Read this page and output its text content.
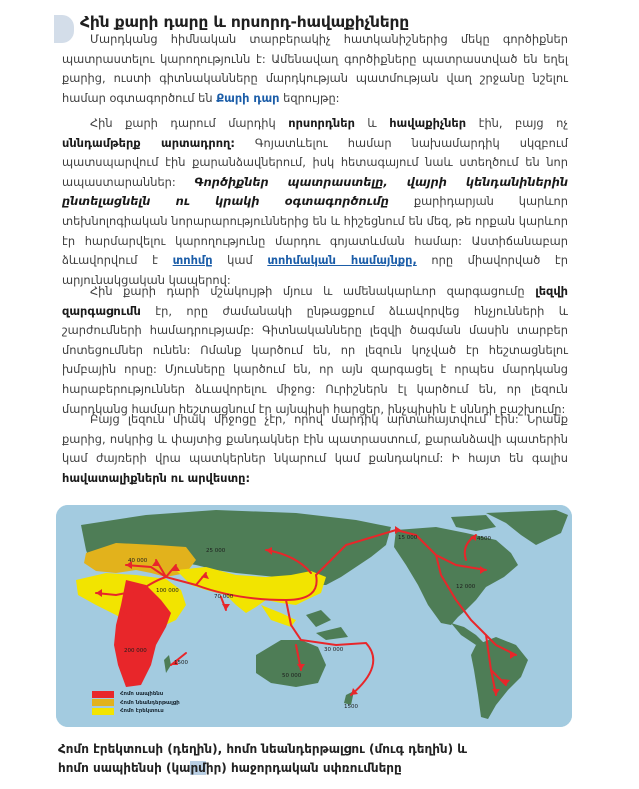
Հին քարի դարը և որսորդ-հավաքիչները

Մարդկանց հիմնական տարբերակիչ հատկանիշներից մեկը գործիքներ պատրաստելու կարողությունն է: Ամենավաղ գործիքները պատրաստված են եղել քարից, ուստի գիտնականները մարդկության պատմության վաղ շրջանը նշելու համար օգտագործում են Քարի դար եզրույթը:

Հին քարի դարում մարդիկ որսորդներ և հավաքիչներ էին, բայց ոչ սննդամթերք արտադրող: Գոյատևելու համար նախամարդիկ սկզբում պատսպարվում էին քարանձավներում, իսկ հետագայում նաև ստեղծում են նոր ապաստարաններ: Գործիքներ պատրաստելը, վայրի կենդանիներին ընտելացնելն ու կրակի օգտագործումը քարիդարյան կարևոր տեխնոլոգիական նորարարություններից են և հիշեցնում են մեզ, թե որքան կարևոր էր հարմարվելու կարողությունը մարդու գոյատևման համար: Աստիճանաբար ձևավորվում է տոհմը կամ տոհմական համայնքը, որը միավորված էր արյունակցական կապերով:

Հին քարի դարի մշակույթի մյուս և ամենակարևոր զարգացումը լեզվի զարգացումն էր, որը ժամանակի ընթացքում ձևավորվեց հնչյունների և շարժումների համադրությամբ: Գիտնականները լեզվի ծագման մասին տարբեր մոտեցումներ ունեն: Ոմանք կարծում են, որ լեզուն կոչված էր հեշտացնելու խմբային որսը: Մյուսները կարծում են, որ այն զարգացել է որպես մարդկանց հարաբերություններ ձևավորելու միջոց: Ուրիշներն էլ կարծում են, որ լեզուն մարդկանց համար հեշտացնում էր այնպիսի հարցեր, ինչպիսին է սննդի բաշխումը:

Բայց լեզուն միակ միջոցը չէր, որով մարդիկ արտահայտվում էին: Նրանք քարից, ոսկրից և փայտից քանդակներ էին պատրաստում, քարանձավի պատերին կամ ժայռերի վրա պատկերներ նկարում կամ քանդակում: Ի հայտ են գալիս հավատալիքներն ու արվեստը:

40 000
25 000
100 000
70 000
200 000
1500
50 000
30 000
1500
15 000
12 000
4500
Հոմո սապիենս
Հոմո նեանդերթալցի
Հոմո էրեկտուս
Հոմո էրեկտուսի (դեղին), հոմո նեանդերթալցու (մուգ դեղին) և
հոմո սապիենսի (կարմիր) հաջորդական սփռումները
